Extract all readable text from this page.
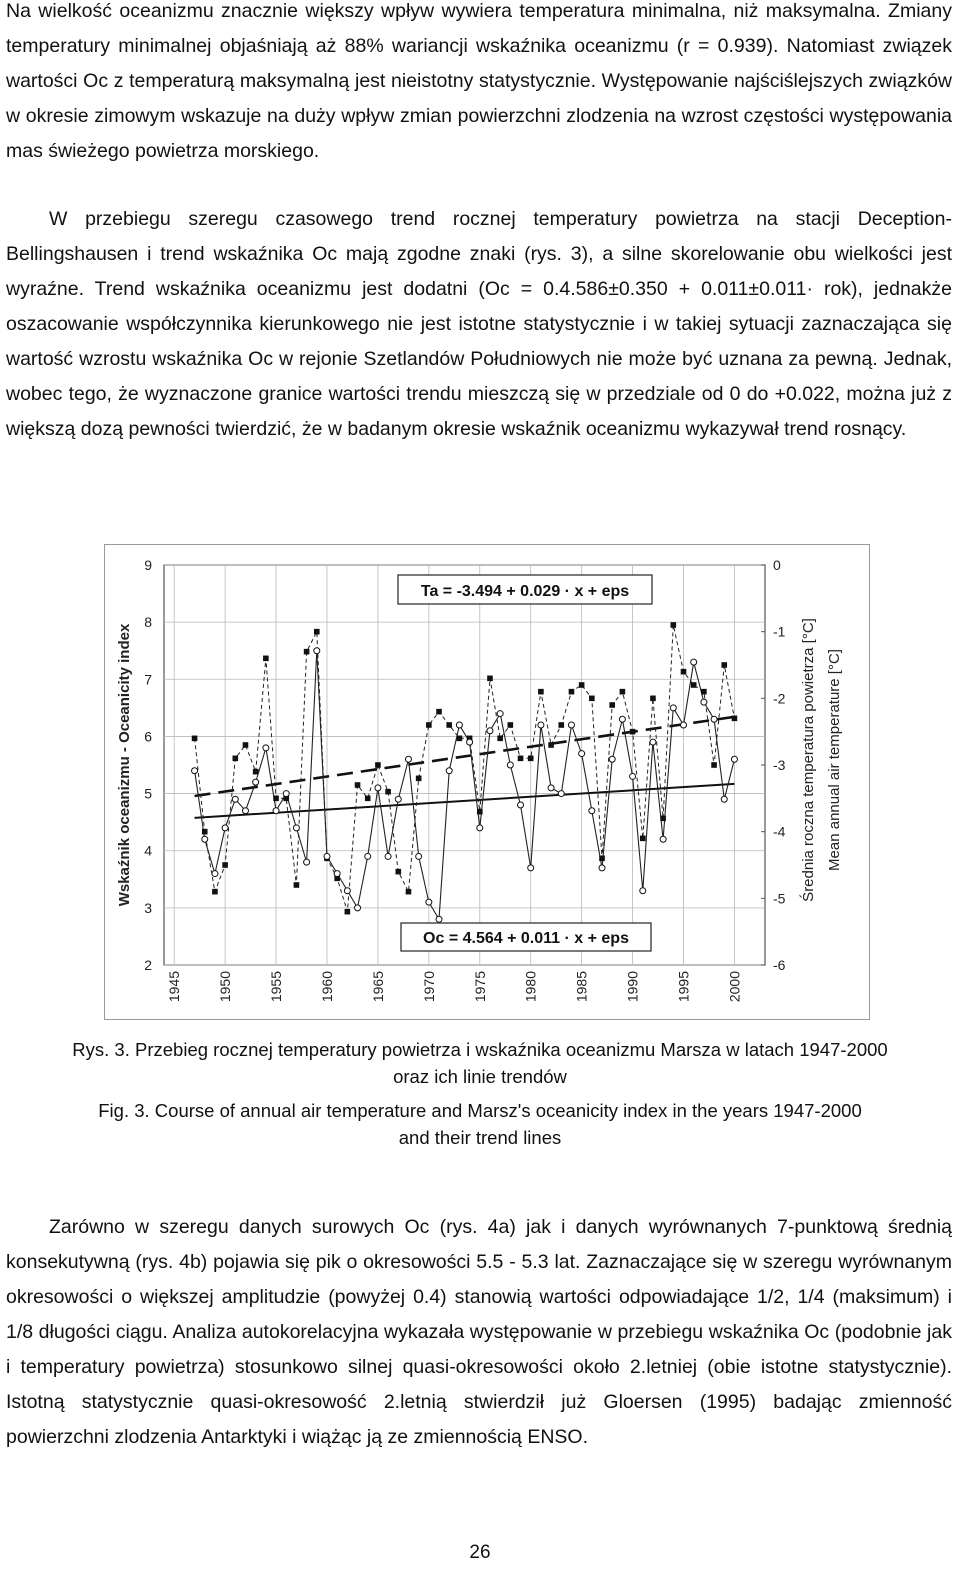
Na wielkość oceanizmu znacznie większy wpływ wywiera temperatura minimalna, niż maksymalna. Zmiany temperatury minimalnej objaśniają aż 88% wariancji wskaźnika oceanizmu (r = 0.939). Natomiast związek wartości Oc z temperaturą maksymalną jest nieistotny statystycznie. Występowanie najściślejszych związków w okresie zimowym wskazuje na duży wpływ zmian powierzchni zlodzenia na wzrost częstości występowania mas świeżego powietrza morskiego.

W przebiegu szeregu czasowego trend rocznej temperatury powietrza na stacji Deception-Bellingshausen i trend wskaźnika Oc mają zgodne znaki (rys. 3), a silne skorelowanie obu wielkości jest wyraźne. Trend wskaźnika oceanizmu jest dodatni (Oc = 0.4.586±0.350 + 0.011±0.011· rok), jednakże oszacowanie współczynnika kierunkowego nie jest istotne statystycznie i w takiej sytuacji zaznaczająca się wartość wzrostu wskaźnika Oc w rejonie Szetlandów Południowych nie może być uznana za pewną. Jednak, wobec tego, że wyznaczone granice wartości trendu mieszczą się w przedziale od 0 do +0.022, można już z większą dozą pewności twierdzić, że w badanym okresie wskaźnik oceanizmu wykazywał trend rosnący.

1945 1950 1955 1960 1965 1970 1975 1980 1985 1990 1995 2000
2
3
4
5
6
7
8
9	0
-1
-2
-3
-4
-5
-6
Wskaźnik oceanizmu - Oceanicity index	Średnia roczna temperatura powietrza [°C] Mean annual air temperature [°C]
Ta = -3.494 + 0.029 · x + eps
Oc = 4.564 + 0.011 · x + eps
Rys. 3. Przebieg rocznej temperatury powietrza i wskaźnika oceanizmu Marsza w latach 1947-2000
oraz ich linie trendów
Fig. 3. Course of annual air temperature and Marsz's oceanicity index in the years 1947-2000
and their trend lines

Zarówno w szeregu danych surowych Oc (rys. 4a) jak i danych wyrównanych 7-punktową średnią konsekutywną (rys. 4b) pojawia się pik o okresowości 5.5 - 5.3 lat. Zaznaczające się w szeregu wyrównanym okresowości o większej amplitudzie (powyżej 0.4) stanowią wartości odpowiadające 1/2, 1/4 (maksimum) i 1/8 długości ciągu. Analiza autokorelacyjna wykazała występowanie w przebiegu wskaźnika Oc (podobnie jak i temperatury powietrza) stosunkowo silnej quasi-okresowości około 2.letniej (obie istotne statystycznie). Istotną statystycznie quasi-okresowość 2.letnią stwierdził już Gloersen (1995) badając zmienność powierzchni zlodzenia Antarktyki i wiążąc ją ze zmiennością ENSO.

26
